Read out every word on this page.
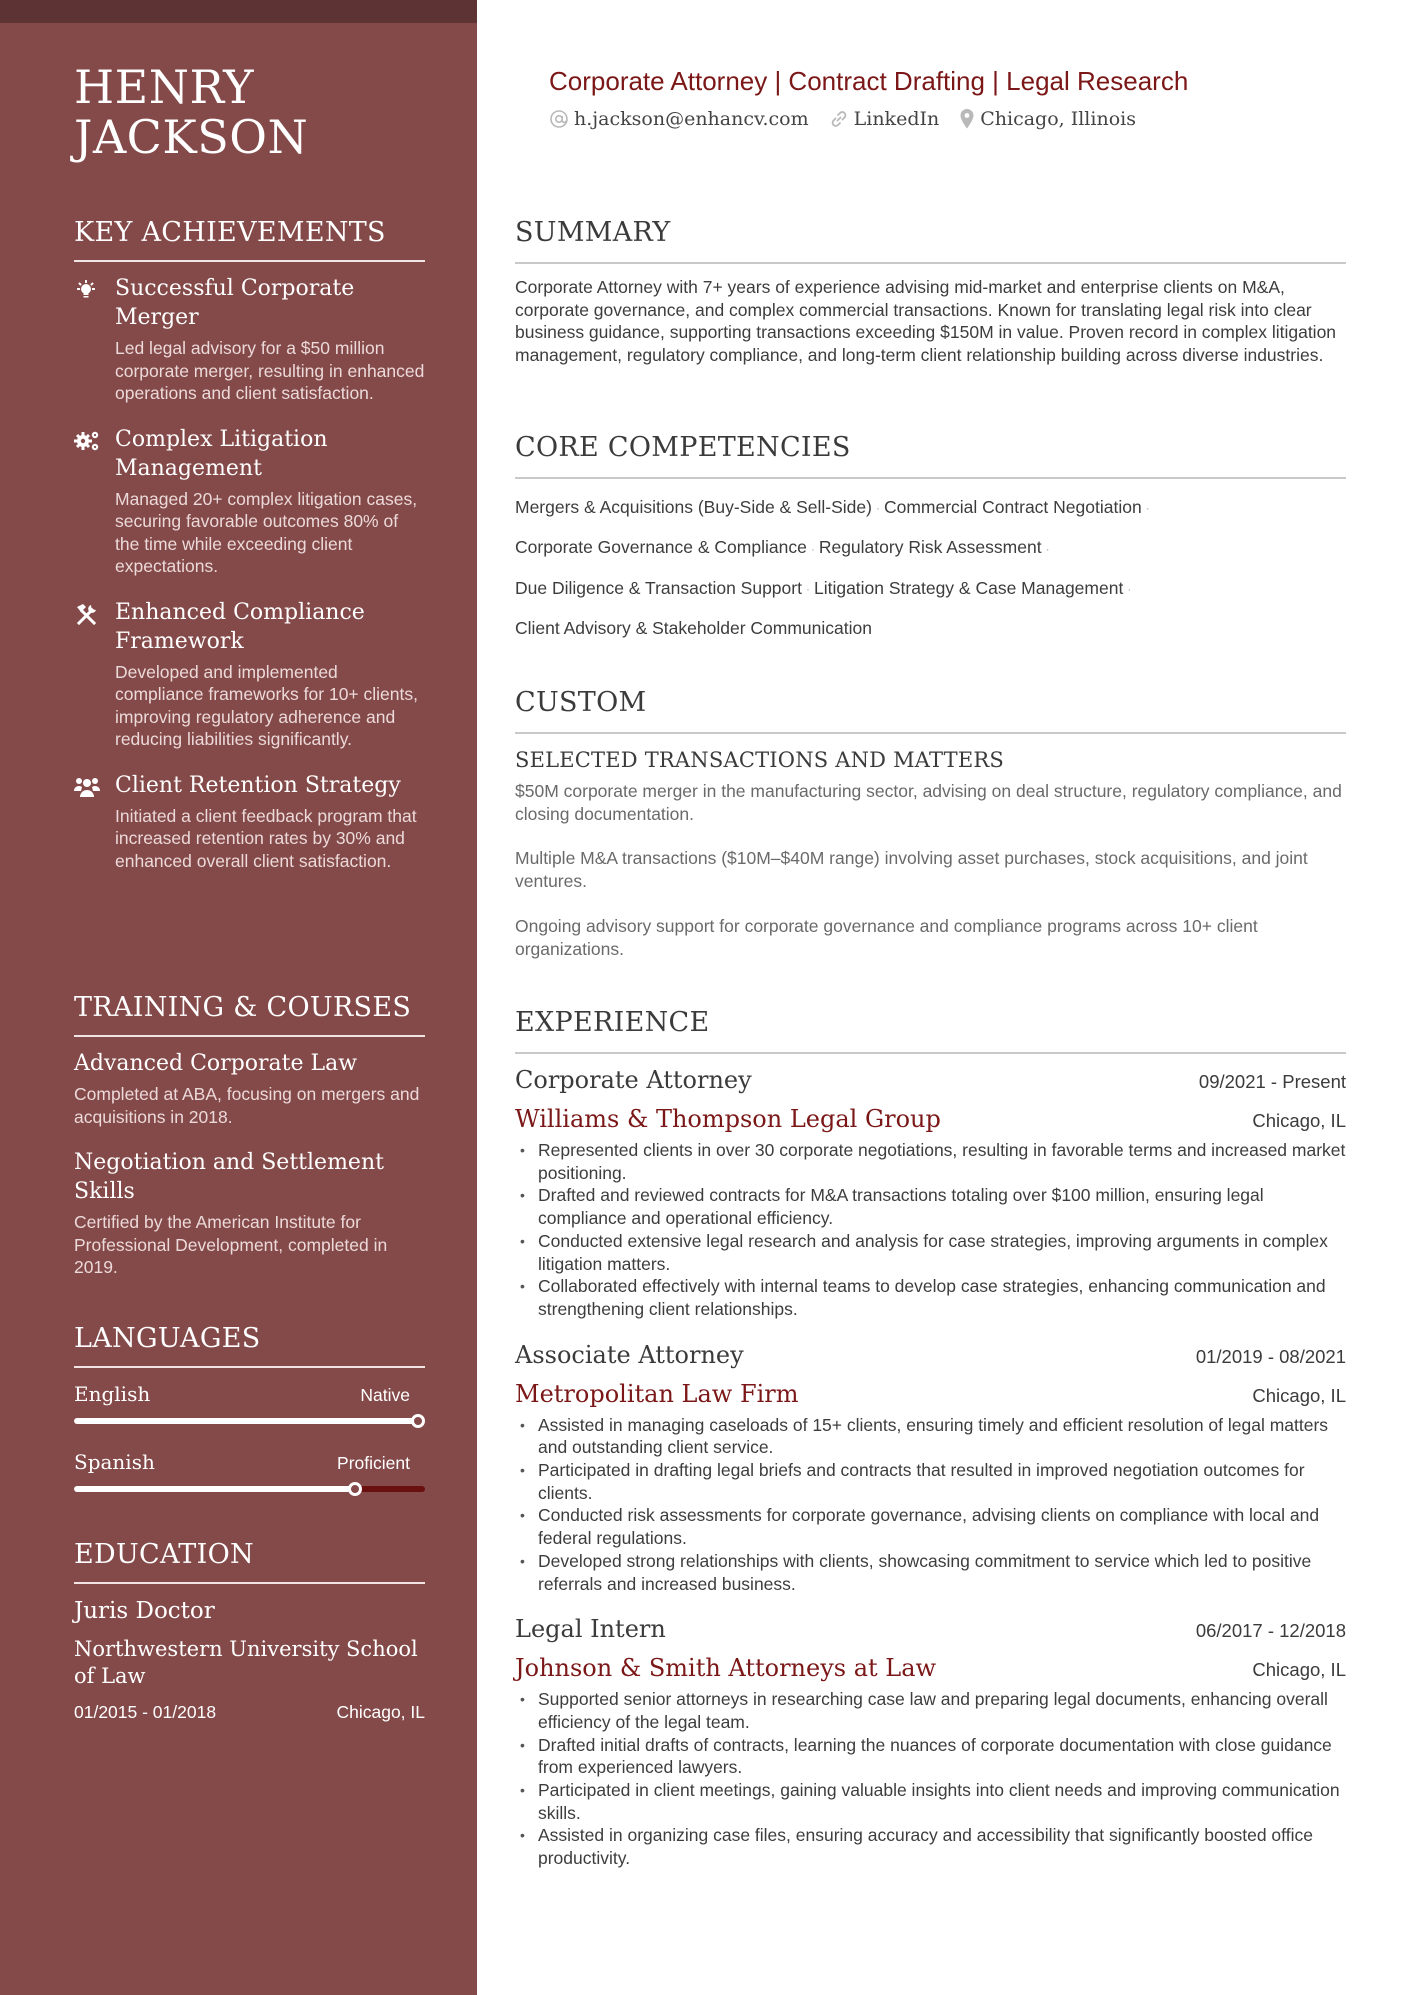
HENRY
JACKSON
KEY ACHIEVEMENTS
Successful Corporate Merger
Led legal advisory for a $50 million corporate merger, resulting in enhanced operations and client satisfaction.
Complex Litigation Management
Managed 20+ complex litigation cases, securing favorable outcomes 80% of the time while exceeding client expectations.
Enhanced Compliance Framework
Developed and implemented compliance frameworks for 10+ clients, improving regulatory adherence and reducing liabilities significantly.
Client Retention Strategy
Initiated a client feedback program that increased retention rates by 30% and enhanced overall client satisfaction.
TRAINING & COURSES
Advanced Corporate Law
Completed at ABA, focusing on mergers and acquisitions in 2018.
Negotiation and Settlement Skills
Certified by the American Institute for Professional Development, completed in 2019.
LANGUAGES
English	Native
Spanish	Proficient
EDUCATION
Juris Doctor
Northwestern University School of Law
01/2015 - 01/2018	Chicago, IL
Corporate Attorney | Contract Drafting | Legal Research
h.jackson@enhancv.com LinkedIn Chicago, Illinois
SUMMARY
Corporate Attorney with 7+ years of experience advising mid-market and enterprise clients on M&A, corporate governance, and complex commercial transactions. Known for translating legal risk into clear business guidance, supporting transactions exceeding $150M in value. Proven record in complex litigation management, regulatory compliance, and long-term client relationship building across diverse industries.
CORE COMPETENCIES
Mergers & Acquisitions (Buy-Side & Sell-Side) · Commercial Contract Negotiation ·
Corporate Governance & Compliance · Regulatory Risk Assessment ·
Due Diligence & Transaction Support · Litigation Strategy & Case Management ·
Client Advisory & Stakeholder Communication
CUSTOM
SELECTED TRANSACTIONS AND MATTERS
$50M corporate merger in the manufacturing sector, advising on deal structure, regulatory compliance, and closing documentation.
Multiple M&A transactions ($10M–$40M range) involving asset purchases, stock acquisitions, and joint ventures.
Ongoing advisory support for corporate governance and compliance programs across 10+ client organizations.
EXPERIENCE
Corporate Attorney	09/2021 - Present
Williams & Thompson Legal Group	Chicago, IL
• Represented clients in over 30 corporate negotiations, resulting in favorable terms and increased market positioning.
• Drafted and reviewed contracts for M&A transactions totaling over $100 million, ensuring legal compliance and operational efficiency.
• Conducted extensive legal research and analysis for case strategies, improving arguments in complex litigation matters.
• Collaborated effectively with internal teams to develop case strategies, enhancing communication and strengthening client relationships.
Associate Attorney	01/2019 - 08/2021
Metropolitan Law Firm	Chicago, IL
• Assisted in managing caseloads of 15+ clients, ensuring timely and efficient resolution of legal matters and outstanding client service.
• Participated in drafting legal briefs and contracts that resulted in improved negotiation outcomes for clients.
• Conducted risk assessments for corporate governance, advising clients on compliance with local and federal regulations.
• Developed strong relationships with clients, showcasing commitment to service which led to positive referrals and increased business.
Legal Intern	06/2017 - 12/2018
Johnson & Smith Attorneys at Law	Chicago, IL
• Supported senior attorneys in researching case law and preparing legal documents, enhancing overall efficiency of the legal team.
• Drafted initial drafts of contracts, learning the nuances of corporate documentation with close guidance from experienced lawyers.
• Participated in client meetings, gaining valuable insights into client needs and improving communication skills.
• Assisted in organizing case files, ensuring accuracy and accessibility that significantly boosted office productivity.
